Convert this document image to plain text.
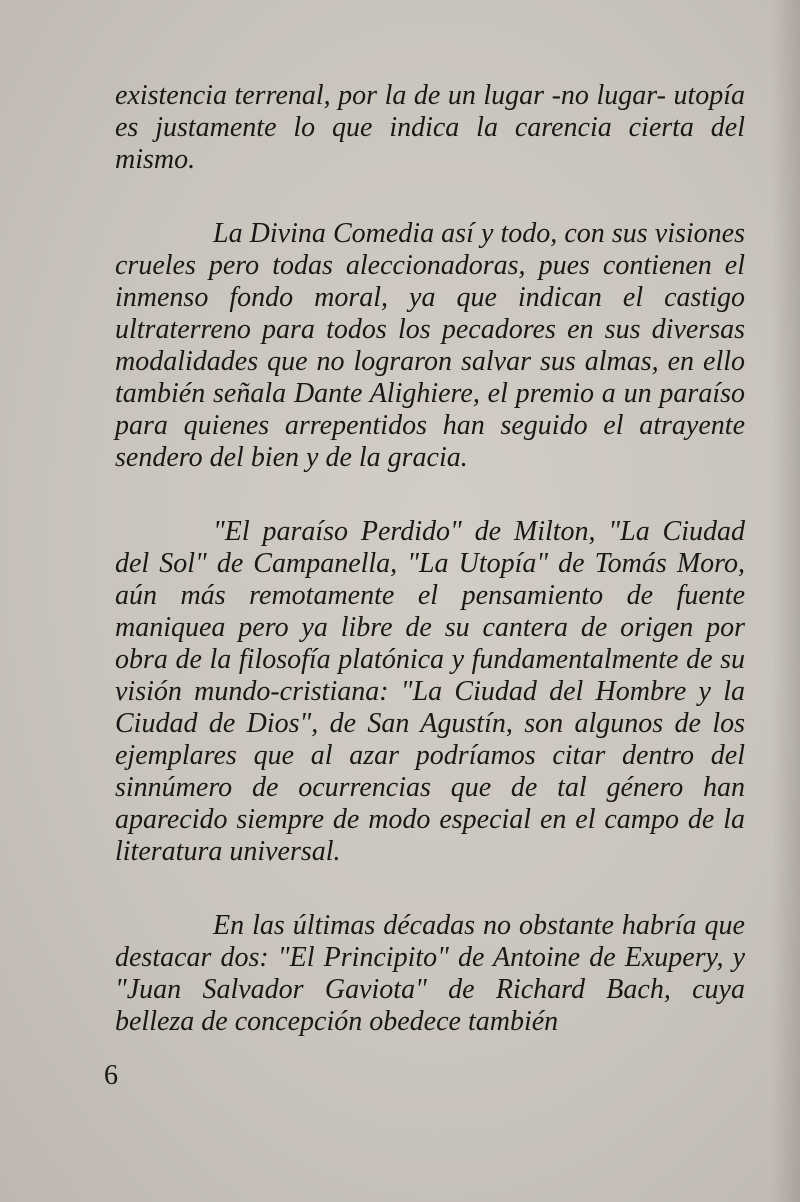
existencia terrenal, por la de un lugar -no lugar- utopía es justamente lo que indica la carencia cierta del mismo.

La Divina Comedia así y todo, con sus visiones crueles pero todas aleccionadoras, pues contienen el inmenso fondo moral, ya que indican el castigo ultraterreno para todos los pecadores en sus diversas modalidades que no lograron salvar sus almas, en ello también señala Dante Alighiere, el premio a un paraíso para quienes arrepentidos han seguido el atrayente sendero del bien y de la gracia.

"El paraíso Perdido" de Milton, "La Ciudad del Sol" de Campanella, "La Utopía" de Tomás Moro, aún más remotamente el pensamiento de fuente maniquea pero ya libre de su cantera de origen por obra de la filosofía platónica y fundamentalmente de su visión mundo-cristiana: "La Ciudad del Hombre y la Ciudad de Dios", de San Agustín, son algunos de los ejemplares que al azar podríamos citar dentro del sinnúmero de ocurrencias que de tal género han aparecido siempre de modo especial en el campo de la literatura universal.

En las últimas décadas no obstante habría que destacar dos: "El Principito" de Antoine de Exupery, y "Juan Salvador Gaviota" de Richard Bach, cuya belleza de concepción obedece también

6
